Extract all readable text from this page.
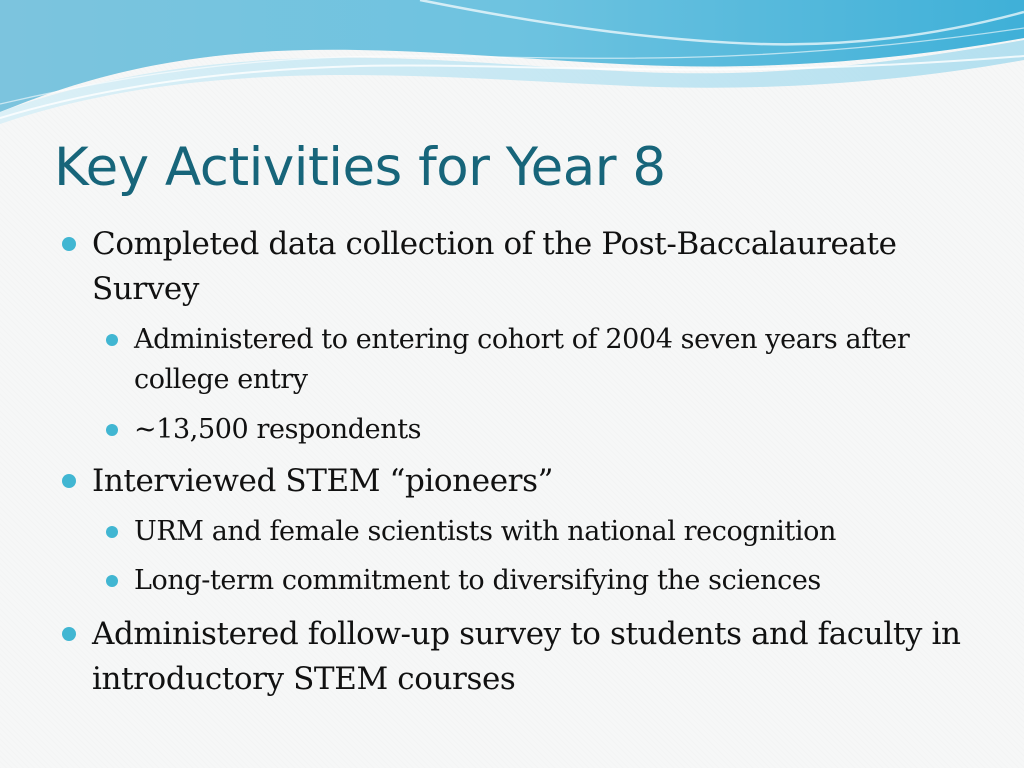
Key Activities for Year 8
Completed data collection of the Post-Baccalaureate Survey
Administered to entering cohort of 2004 seven years after college entry
~13,500 respondents
Interviewed STEM “pioneers”
URM and female scientists with national recognition
Long-term commitment to diversifying the sciences
Administered follow-up survey to students and faculty in introductory STEM courses
